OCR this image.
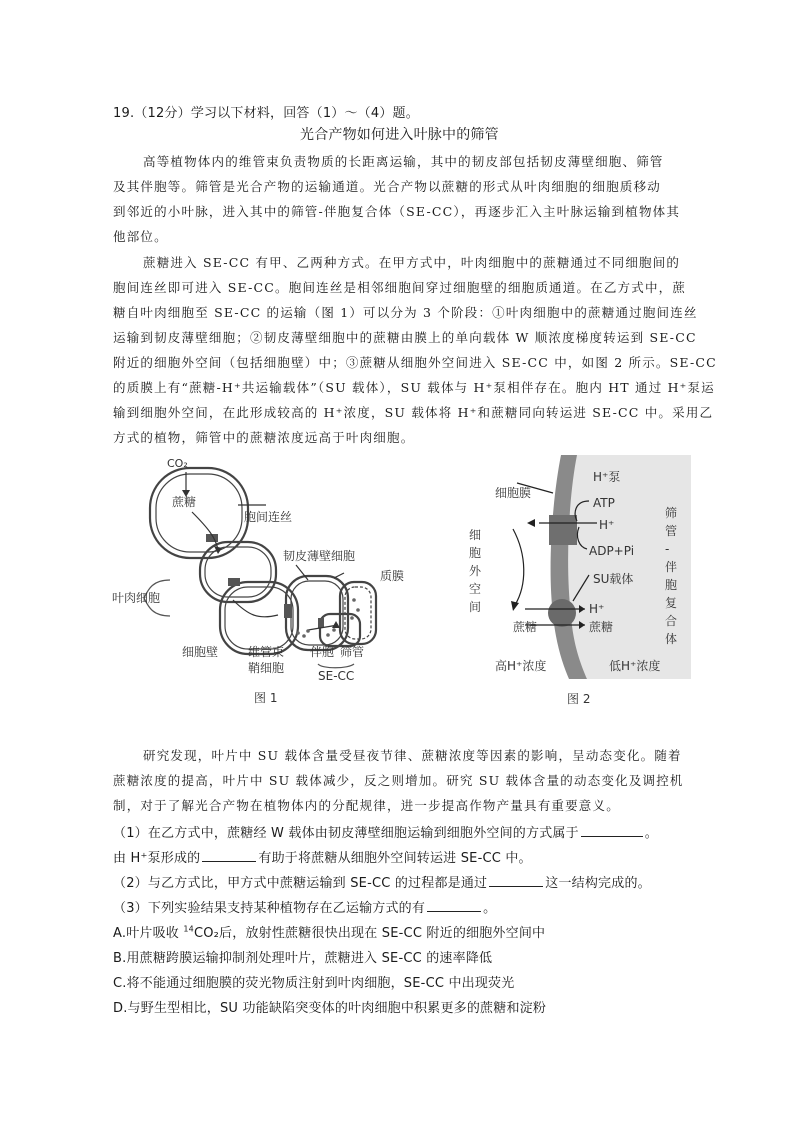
19.（12分）学习以下材料，回答（1）～（4）题。
光合产物如何进入叶脉中的筛管
高等植物体内的维管束负责物质的长距离运输，其中的韧皮部包括韧皮薄壁细胞、筛管
及其伴胞等。筛管是光合产物的运输通道。光合产物以蔗糖的形式从叶肉细胞的细胞质移动
到邻近的小叶脉，进入其中的筛管-伴胞复合体（SE-CC），再逐步汇入主叶脉运输到植物体其
他部位。
蔗糖进入 SE-CC 有甲、乙两种方式。在甲方式中，叶肉细胞中的蔗糖通过不同细胞间的
胞间连丝即可进入 SE-CC。胞间连丝是相邻细胞间穿过细胞壁的细胞质通道。在乙方式中，蔗
糖自叶肉细胞至 SE-CC 的运输（图 1）可以分为 3 个阶段：①叶肉细胞中的蔗糖通过胞间连丝
运输到韧皮薄壁细胞；②韧皮薄壁细胞中的蔗糖由膜上的单向载体 W 顺浓度梯度转运到 SE-CC
附近的细胞外空间（包括细胞壁）中；③蔗糖从细胞外空间进入 SE-CC 中，如图 2 所示。SE-CC
的质膜上有“蔗糖-H⁺共运输载体”（SU 载体），SU 载体与 H⁺泵相伴存在。胞内 HT 通过 H⁺泵运
输到细胞外空间，在此形成较高的 H⁺浓度，SU 载体将 H⁺和蔗糖同向转运进 SE-CC 中。采用乙
方式的植物，筛管中的蔗糖浓度远高于叶肉细胞。
CO₂
蔗糖
胞间连丝
韧皮薄壁细胞
质膜
叶肉细胞
细胞壁 维管束
鞘细胞
伴胞 筛管
SE-CC
图 1
H⁺泵
细胞膜
ATP
H⁺
ADP+Pi
SU载体
H⁺
蔗糖	蔗糖
高H⁺浓度	低H⁺浓度
细胞外空间
筛管-伴胞复合体
图 2
研究发现，叶片中 SU 载体含量受昼夜节律、蔗糖浓度等因素的影响，呈动态变化。随着
蔗糖浓度的提高，叶片中 SU 载体减少，反之则增加。研究 SU 载体含量的动态变化及调控机
制，对于了解光合产物在植物体内的分配规律，进一步提高作物产量具有重要意义。
（1）在乙方式中，蔗糖经 W 载体由韧皮薄壁细胞运输到细胞外空间的方式属于	。
由 H⁺泵形成的	有助于将蔗糖从细胞外空间转运进 SE-CC 中。
（2）与乙方式比，甲方式中蔗糖运输到 SE-CC 的过程都是通过	这一结构完成的。
（3）下列实验结果支持某种植物存在乙运输方式的有	。
A.叶片吸收 $^{14}$CO₂后，放射性蔗糖很快出现在 SE-CC 附近的细胞外空间中
B.用蔗糖跨膜运输抑制剂处理叶片，蔗糖进入 SE-CC 的速率降低
C.将不能通过细胞膜的荧光物质注射到叶肉细胞，SE-CC 中出现荧光
D.与野生型相比，SU 功能缺陷突变体的叶肉细胞中积累更多的蔗糖和淀粉
